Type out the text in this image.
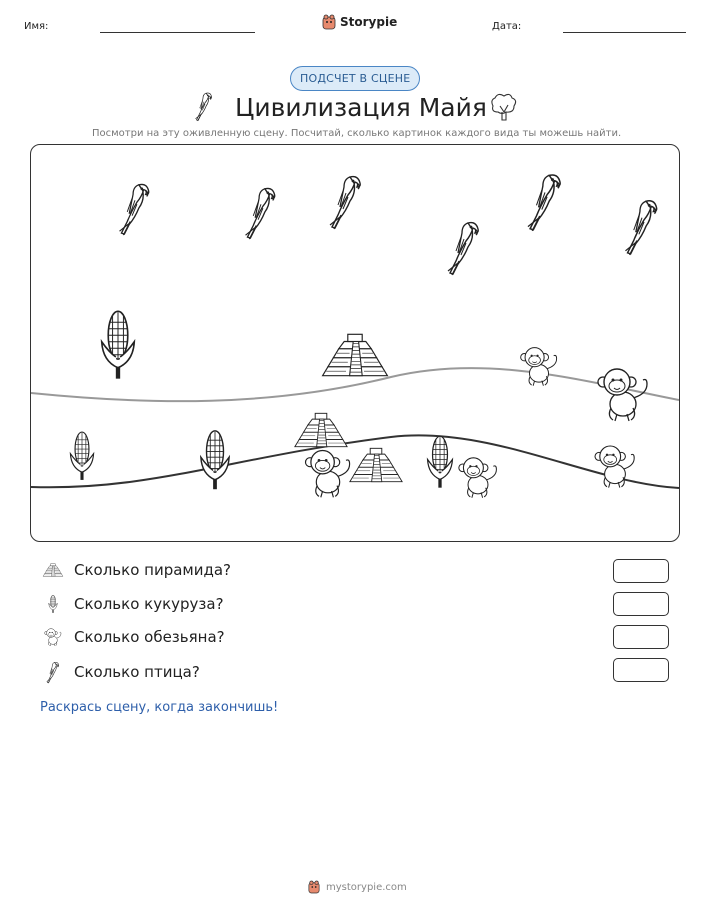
Имя:	Storypie	Дата:
ПОДСЧЕТ В СЦЕНЕ
Цивилизация Майя
Посмотри на эту оживленную сцену. Посчитай, сколько картинок каждого вида ты можешь найти.
Сколько пирамида?
Сколько кукуруза?
Сколько обезьяна?
Сколько птица?
Раскрась сцену, когда закончишь!
mystorypie.com
